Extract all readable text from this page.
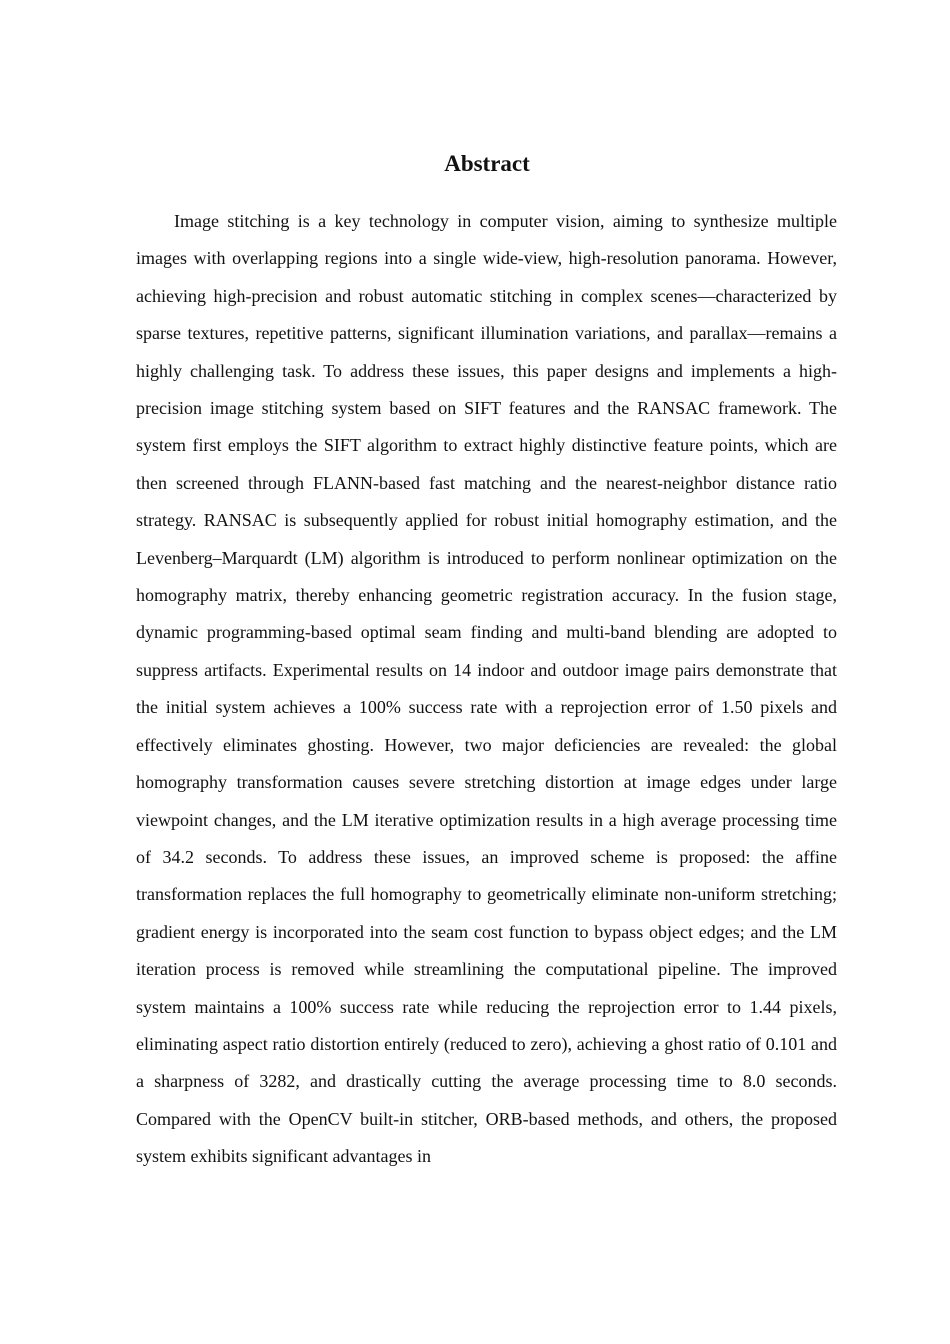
Abstract

Image stitching is a key technology in computer vision, aiming to synthesize multiple images with overlapping regions into a single wide-view, high-resolution panorama. However, achieving high-precision and robust automatic stitching in complex scenes—characterized by sparse textures, repetitive patterns, significant illumination variations, and parallax—remains a highly challenging task. To address these issues, this paper designs and implements a high-precision image stitching system based on SIFT features and the RANSAC framework. The system first employs the SIFT algorithm to extract highly distinctive feature points, which are then screened through FLANN-based fast matching and the nearest-neighbor distance ratio strategy. RANSAC is subsequently applied for robust initial homography estimation, and the Levenberg–Marquardt (LM) algorithm is introduced to perform nonlinear optimization on the homography matrix, thereby enhancing geometric registration accuracy. In the fusion stage, dynamic programming-based optimal seam finding and multi-band blending are adopted to suppress artifacts. Experimental results on 14 indoor and outdoor image pairs demonstrate that the initial system achieves a 100% success rate with a reprojection error of 1.50 pixels and effectively eliminates ghosting. However, two major deficiencies are revealed: the global homography transformation causes severe stretching distortion at image edges under large viewpoint changes, and the LM iterative optimization results in a high average processing time of 34.2 seconds. To address these issues, an improved scheme is proposed: the affine transformation replaces the full homography to geometrically eliminate non-uniform stretching; gradient energy is incorporated into the seam cost function to bypass object edges; and the LM iteration process is removed while streamlining the computational pipeline. The improved system maintains a 100% success rate while reducing the reprojection error to 1.44 pixels, eliminating aspect ratio distortion entirely (reduced to zero), achieving a ghost ratio of 0.101 and a sharpness of 3282, and drastically cutting the average processing time to 8.0 seconds. Compared with the OpenCV built-in stitcher, ORB-based methods, and others, the proposed system exhibits significant advantages in
